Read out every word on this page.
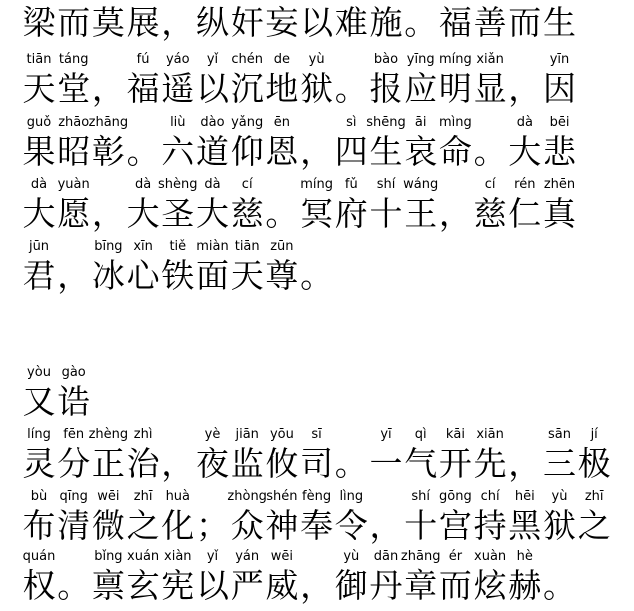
梁 而 莫 展 ， 纵 奸 妄 以 难 施 。 福 善 而 生
tiān
天
táng
堂 ，
fú
福
yáo
遥
yǐ
以
chén
沉
de
地
yù
狱 。
bào
报
yīng
应
míng
明
xiǎn
显 ，
yīn
因
guǒ
果
zhāo
昭
zhāng
彰 。
liù
六
dào
道
yǎng
仰
ēn
恩 ，
sì
四
shēng
生
āi
哀
mìng
命 。
dà
大
bēi
悲
dà
大
yuàn
愿 ，
dà
大
shèng
圣
dà
大
cí
慈 。
míng
冥
fǔ
府
shí
十
wáng
王 ，
cí
慈
rén
仁
zhēn
真
jūn
君 ，
bīng
冰
xīn
心
tiě
铁
miàn
面
tiān
天
zūn
尊 。
yòu
又
gào
诰
líng
灵
fēn
分
zhèng
正
zhì
治 ，
yè
夜
jiān
监
yōu
攸
sī
司 。
yī
一
qì
气
kāi
开
xiān
先 ，
sān
三
jí
极
bù
布
qīng
清
wēi
微
zhī
之
huà
化 ；
zhòng
众
shén
神
fèng
奉
lìng
令 ，
shí
十
gōng
宫
chí
持
hēi
黑
yù
狱
zhī
之
quán
权 。
bǐng
禀
xuán
玄
xiàn
宪
yǐ
以
yán
严
wēi
威 ，
yù
御
dān
丹
zhāng
章
ér
而
xuàn
炫
hè
赫 。
